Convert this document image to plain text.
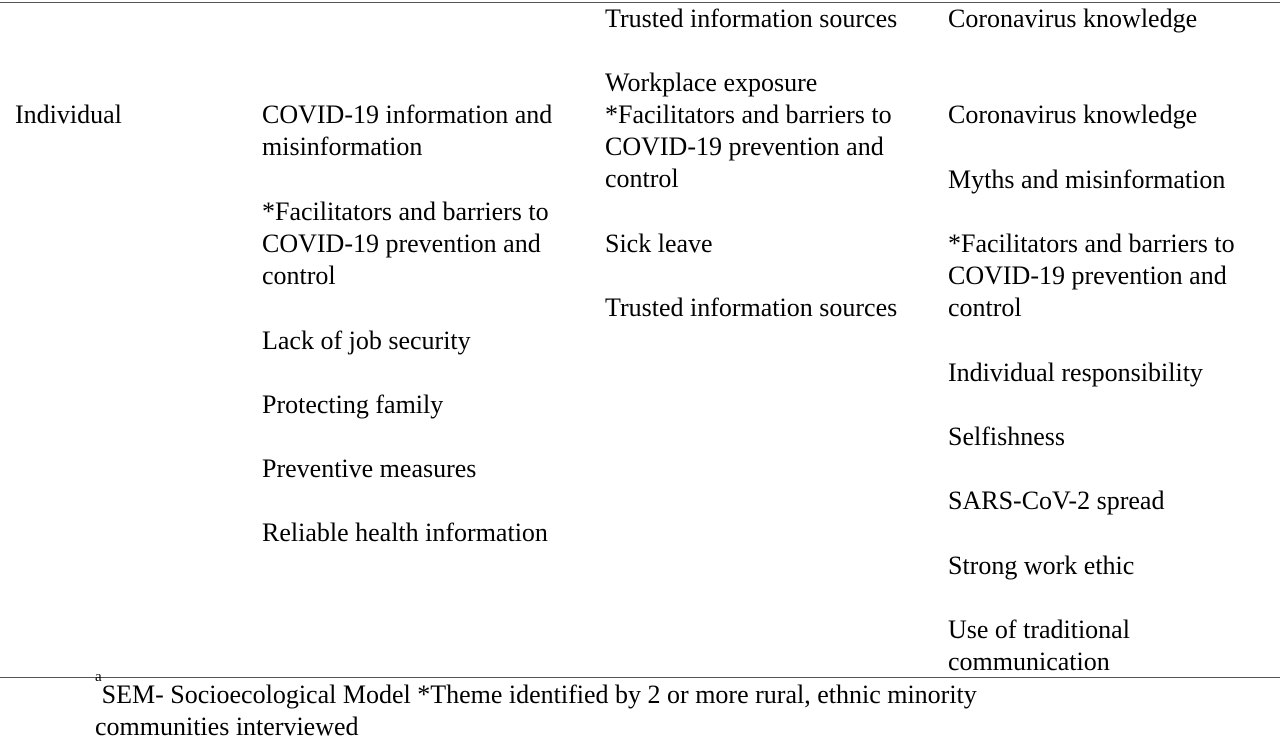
Trusted information sources Coronavirus knowledge
Individual	COVID-19 information and
misinformation
*Facilitators and barriers to
COVID-19 prevention and
control
Lack of job security
Protecting family
Preventive measures
Reliable health information
Workplace exposure
*Facilitators and barriers to
COVID-19 prevention and
control
Sick leave
Trusted information sources
Coronavirus knowledge
Myths and misinformation
*Facilitators and barriers to
COVID-19 prevention and
control
Individual responsibility
Selfishness
SARS-CoV-2 spread
Strong work ethic
Use of traditional
communication
$^a$SEM- Socioecological Model *Theme identified by 2 or more rural, ethnic minority
communities interviewed
